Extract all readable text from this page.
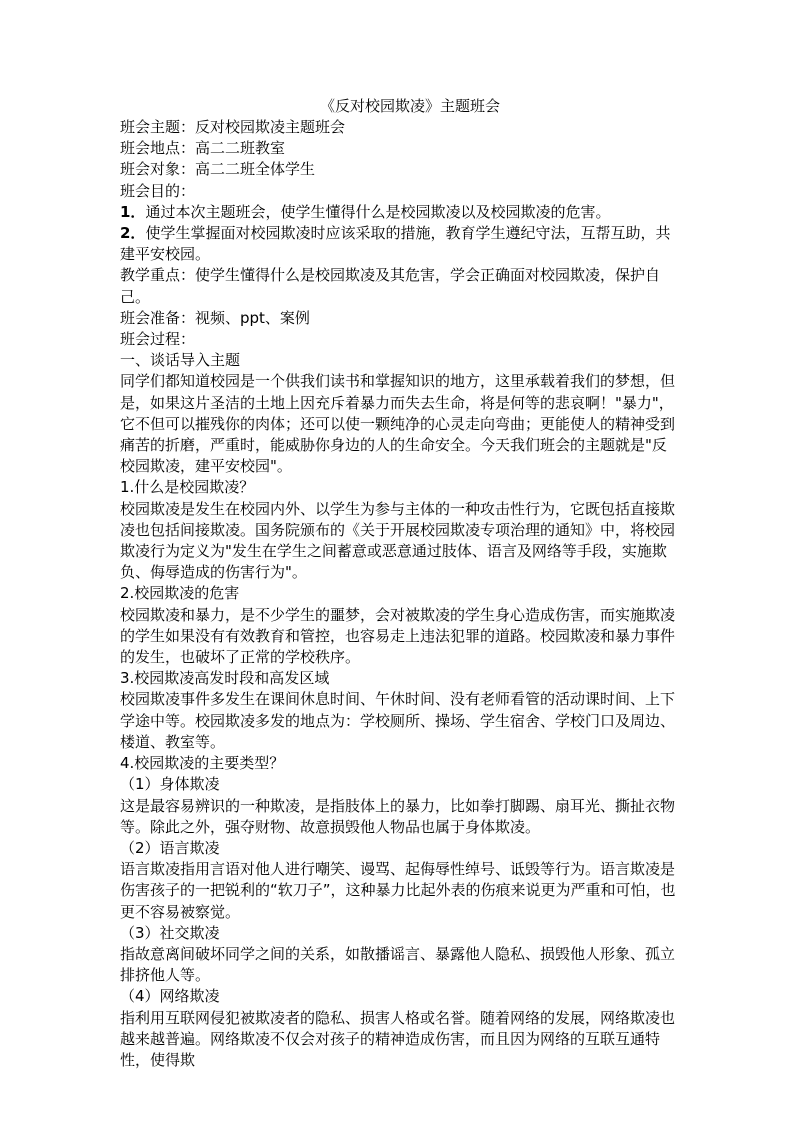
《反对校园欺凌》主题班会

班会主题：反对校园欺凌主题班会

班会地点：高二二班教室

班会对象：高二二班全体学生

班会目的：

1．通过本次主题班会，使学生懂得什么是校园欺凌以及校园欺凌的危害。

2．使学生掌握面对校园欺凌时应该采取的措施，教育学生遵纪守法，互帮互助，共建平安校园。

教学重点：使学生懂得什么是校园欺凌及其危害，学会正确面对校园欺凌，保护自己。

班会准备：视频、ppt、案例

班会过程：

一、谈话导入主题

同学们都知道校园是一个供我们读书和掌握知识的地方，这里承载着我们的梦想，但是，如果这片圣洁的土地上因充斥着暴力而失去生命，将是何等的悲哀啊！"暴力"，它不但可以摧残你的肉体；还可以使一颗纯净的心灵走向弯曲；更能使人的精神受到痛苦的折磨，严重时，能威胁你身边的人的生命安全。今天我们班会的主题就是"反校园欺凌，建平安校园"。

1.什么是校园欺凌？

校园欺凌是发生在校园内外、以学生为参与主体的一种攻击性行为，它既包括直接欺凌也包括间接欺凌。国务院颁布的《关于开展校园欺凌专项治理的通知》中，将校园欺凌行为定义为"发生在学生之间蓄意或恶意通过肢体、语言及网络等手段，实施欺负、侮辱造成的伤害行为"。

2.校园欺凌的危害

校园欺凌和暴力，是不少学生的噩梦，会对被欺凌的学生身心造成伤害，而实施欺凌的学生如果没有有效教育和管控，也容易走上违法犯罪的道路。校园欺凌和暴力事件的发生，也破坏了正常的学校秩序。

3.校园欺凌高发时段和高发区域

校园欺凌事件多发生在课间休息时间、午休时间、没有老师看管的活动课时间、上下学途中等。校园欺凌多发的地点为：学校厕所、操场、学生宿舍、学校门口及周边、楼道、教室等。

4.校园欺凌的主要类型？

（1）身体欺凌

这是最容易辨识的一种欺凌，是指肢体上的暴力，比如拳打脚踢、扇耳光、撕扯衣物等。除此之外，强夺财物、故意损毁他人物品也属于身体欺凌。

（2）语言欺凌

语言欺凌指用言语对他人进行嘲笑、谩骂、起侮辱性绰号、诋毁等行为。语言欺凌是伤害孩子的一把锐利的“软刀子”，这种暴力比起外表的伤痕来说更为严重和可怕，也更不容易被察觉。

（3）社交欺凌

指故意离间破坏同学之间的关系，如散播谣言、暴露他人隐私、损毁他人形象、孤立排挤他人等。

（4）网络欺凌

指利用互联网侵犯被欺凌者的隐私、损害人格或名誉。随着网络的发展，网络欺凌也越来越普遍。网络欺凌不仅会对孩子的精神造成伤害，而且因为网络的互联互通特性，使得欺
